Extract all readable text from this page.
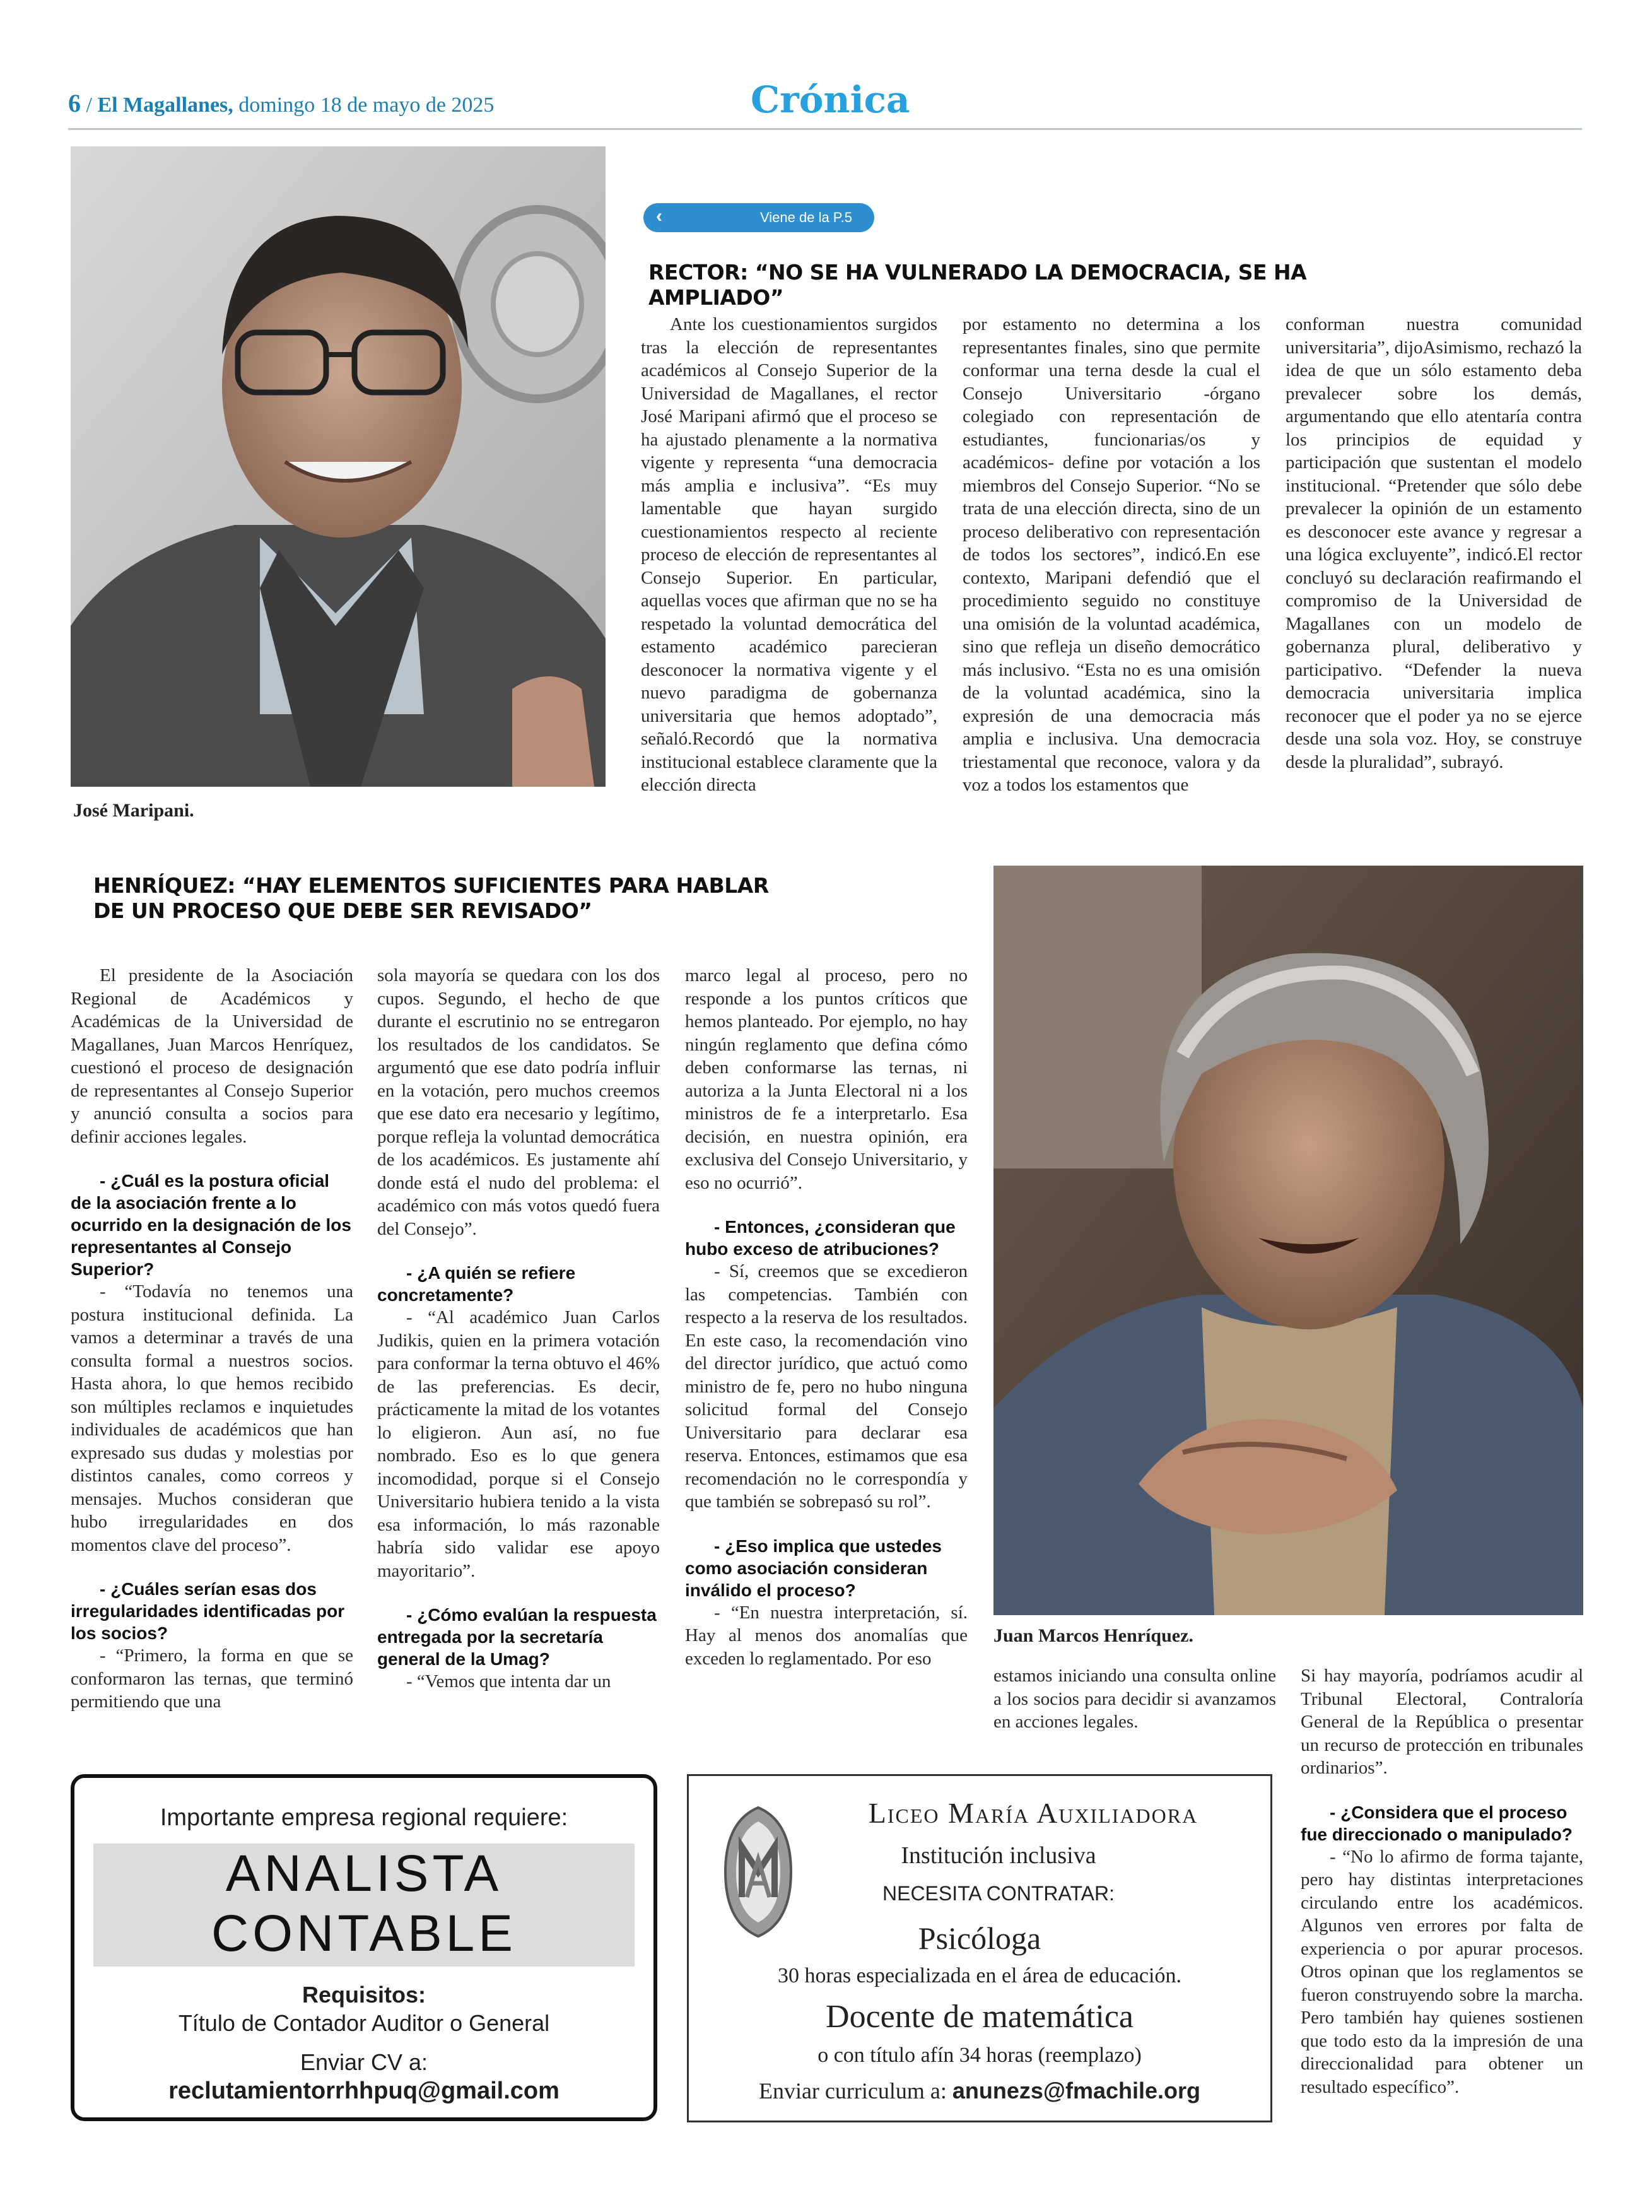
6 / El Magallanes, domingo 18 de mayo de 2025	Crónica
José Maripani.
‹	Viene de la P.5
RECTOR: “NO SE HA VULNERADO LA DEMOCRACIA, SE HA AMPLIADO”

Ante los cuestionamientos surgidos tras la elección de representantes académicos al Consejo Superior de la Universidad de Magallanes, el rector José Maripani afirmó que el proceso se ha ajustado plenamente a la normativa vigente y representa “una democracia más amplia e inclusiva”. “Es muy lamentable que hayan surgido cuestionamientos respecto al reciente proceso de elección de representantes al Consejo Superior. En particular, aquellas voces que afirman que no se ha respetado la voluntad democrática del estamento académico parecieran desconocer la normativa vigente y el nuevo paradigma de gobernanza universitaria que hemos adoptado”, señaló.Recordó que la normativa institucional establece claramente que la elección directa

por estamento no determina a los representantes finales, sino que permite conformar una terna desde la cual el Consejo Universitario -órgano colegiado con representación de estudiantes, funcionarias/os y académicos- define por votación a los miembros del Consejo Superior. “No se trata de una elección directa, sino de un proceso deliberativo con representación de todos los sectores”, indicó.En ese contexto, Maripani defendió que el procedimiento seguido no constituye una omisión de la voluntad académica, sino que refleja un diseño democrático más inclusivo. “Esta no es una omisión de la voluntad académica, sino la expresión de una democracia más amplia e inclusiva. Una democracia triestamental que reconoce, valora y da voz a todos los estamentos que

conforman nuestra comunidad universitaria”, dijoAsimismo, rechazó la idea de que un sólo estamento deba prevalecer sobre los demás, argumentando que ello atentaría contra los principios de equidad y participación que sustentan el modelo institucional. “Pretender que sólo debe prevalecer la opinión de un estamento es desconocer este avance y regresar a una lógica excluyente”, indicó.El rector concluyó su declaración reafirmando el compromiso de la Universidad de Magallanes con un modelo de gobernanza plural, deliberativo y participativo. “Defender la nueva democracia universitaria implica reconocer que el poder ya no se ejerce desde una sola voz. Hoy, se construye desde la pluralidad”, subrayó.

HENRÍQUEZ: “HAY ELEMENTOS SUFICIENTES PARA HABLAR
DE UN PROCESO QUE DEBE SER REVISADO”
Juan Marcos Henríquez.

El presidente de la Asociación Regional de Académicos y Académicas de la Universidad de Magallanes, Juan Marcos Henríquez, cuestionó el proceso de designación de representantes al Consejo Superior y anunció consulta a socios para definir acciones legales.

- ¿Cuál es la postura oficial de la asociación frente a lo ocurrido en la designación de los representantes al Consejo Superior?

- “Todavía no tenemos una postura institucional definida. La vamos a determinar a través de una consulta formal a nuestros socios. Hasta ahora, lo que hemos recibido son múltiples reclamos e inquietudes individuales de académicos que han expresado sus dudas y molestias por distintos canales, como correos y mensajes. Muchos consideran que hubo irregularidades en dos momentos clave del proceso”.

- ¿Cuáles serían esas dos irregularidades identificadas por los socios?

- “Primero, la forma en que se conformaron las ternas, que terminó permitiendo que una

sola mayoría se quedara con los dos cupos. Segundo, el hecho de que durante el escrutinio no se entregaron los resultados de los candidatos. Se argumentó que ese dato podría influir en la votación, pero muchos creemos que ese dato era necesario y legítimo, porque refleja la voluntad democrática de los académicos. Es justamente ahí donde está el nudo del problema: el académico con más votos quedó fuera del Consejo”.

- ¿A quién se refiere concretamente?

- “Al académico Juan Carlos Judikis, quien en la primera votación para conformar la terna obtuvo el 46% de las preferencias. Es decir, prácticamente la mitad de los votantes lo eligieron. Aun así, no fue nombrado. Eso es lo que genera incomodidad, porque si el Consejo Universitario hubiera tenido a la vista esa información, lo más razonable habría sido validar ese apoyo mayoritario”.

- ¿Cómo evalúan la respuesta entregada por la secretaría general de la Umag?

- “Vemos que intenta dar un

marco legal al proceso, pero no responde a los puntos críticos que hemos planteado. Por ejemplo, no hay ningún reglamento que defina cómo deben conformarse las ternas, ni autoriza a la Junta Electoral ni a los ministros de fe a interpretarlo. Esa decisión, en nuestra opinión, era exclusiva del Consejo Universitario, y eso no ocurrió”.

- Entonces, ¿consideran que hubo exceso de atribuciones?

- Sí, creemos que se excedieron las competencias. También con respecto a la reserva de los resultados. En este caso, la recomendación vino del director jurídico, que actuó como ministro de fe, pero no hubo ninguna solicitud formal del Consejo Universitario para declarar esa reserva. Entonces, estimamos que esa recomendación no le correspondía y que también se sobrepasó su rol”.

- ¿Eso implica que ustedes como asociación consideran inválido el proceso?

- “En nuestra interpretación, sí. Hay al menos dos anomalías que exceden lo reglamentado. Por eso

estamos iniciando una consulta online a los socios para decidir si avanzamos en acciones legales.

Si hay mayoría, podríamos acudir al Tribunal Electoral, Contraloría General de la República o presentar un recurso de protección en tribunales ordinarios”.

- ¿Considera que el proceso fue direccionado o manipulado?

- “No lo afirmo de forma tajante, pero hay distintas interpretaciones circulando entre los académicos. Algunos ven errores por falta de experiencia o por apurar procesos. Otros opinan que los reglamentos se fueron construyendo sobre la marcha. Pero también hay quienes sostienen que todo esto da la impresión de una direccionalidad para obtener un resultado específico”.

Importante empresa regional requiere:
ANALISTA
CONTABLE
Requisitos:
Título de Contador Auditor o General
Enviar CV a:
reclutamientorrhhpuq@gmail.com
Liceo María Auxiliadora
Institución inclusiva
NECESITA CONTRATAR:
Psicóloga
30 horas especializada en el área de educación.
Docente de matemática
o con título afín 34 horas (reemplazo)
Enviar curriculum a: anunezs@fmachile.org
